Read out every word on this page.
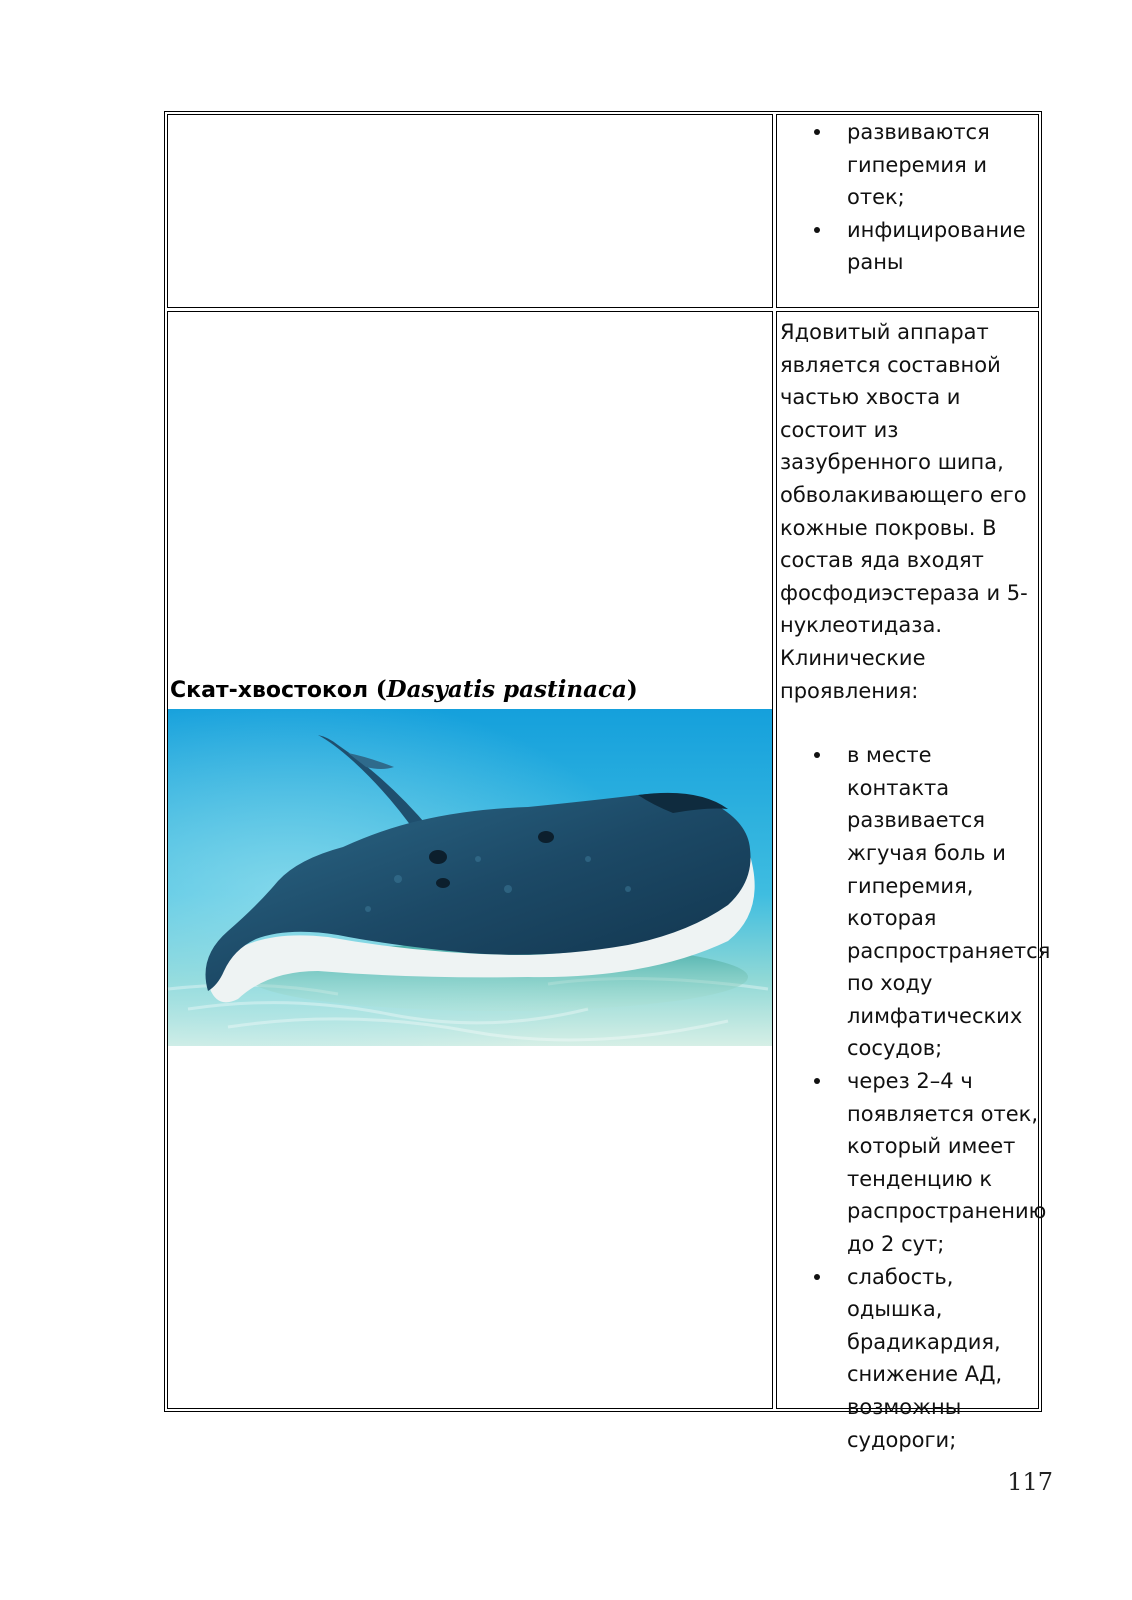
развиваются гиперемия и отек;
инфицирование раны
Скат-хвостокол (Dasyatis pastinaca)
Ядовитый аппарат является составной частью хвоста и состоит из зазубренного шипа, обволакивающего его кожные покровы. В состав яда входят фосфодиэстераза и 5-нуклеотидаза. Клинические проявления:
в месте контакта развивается жгучая боль и гиперемия, которая распространяется по ходу лимфатических сосудов;
через 2–4 ч появляется отек, который имеет тенденцию к распространению до 2 сут;
слабость, одышка, брадикардия, снижение АД, возможны судороги;
117
